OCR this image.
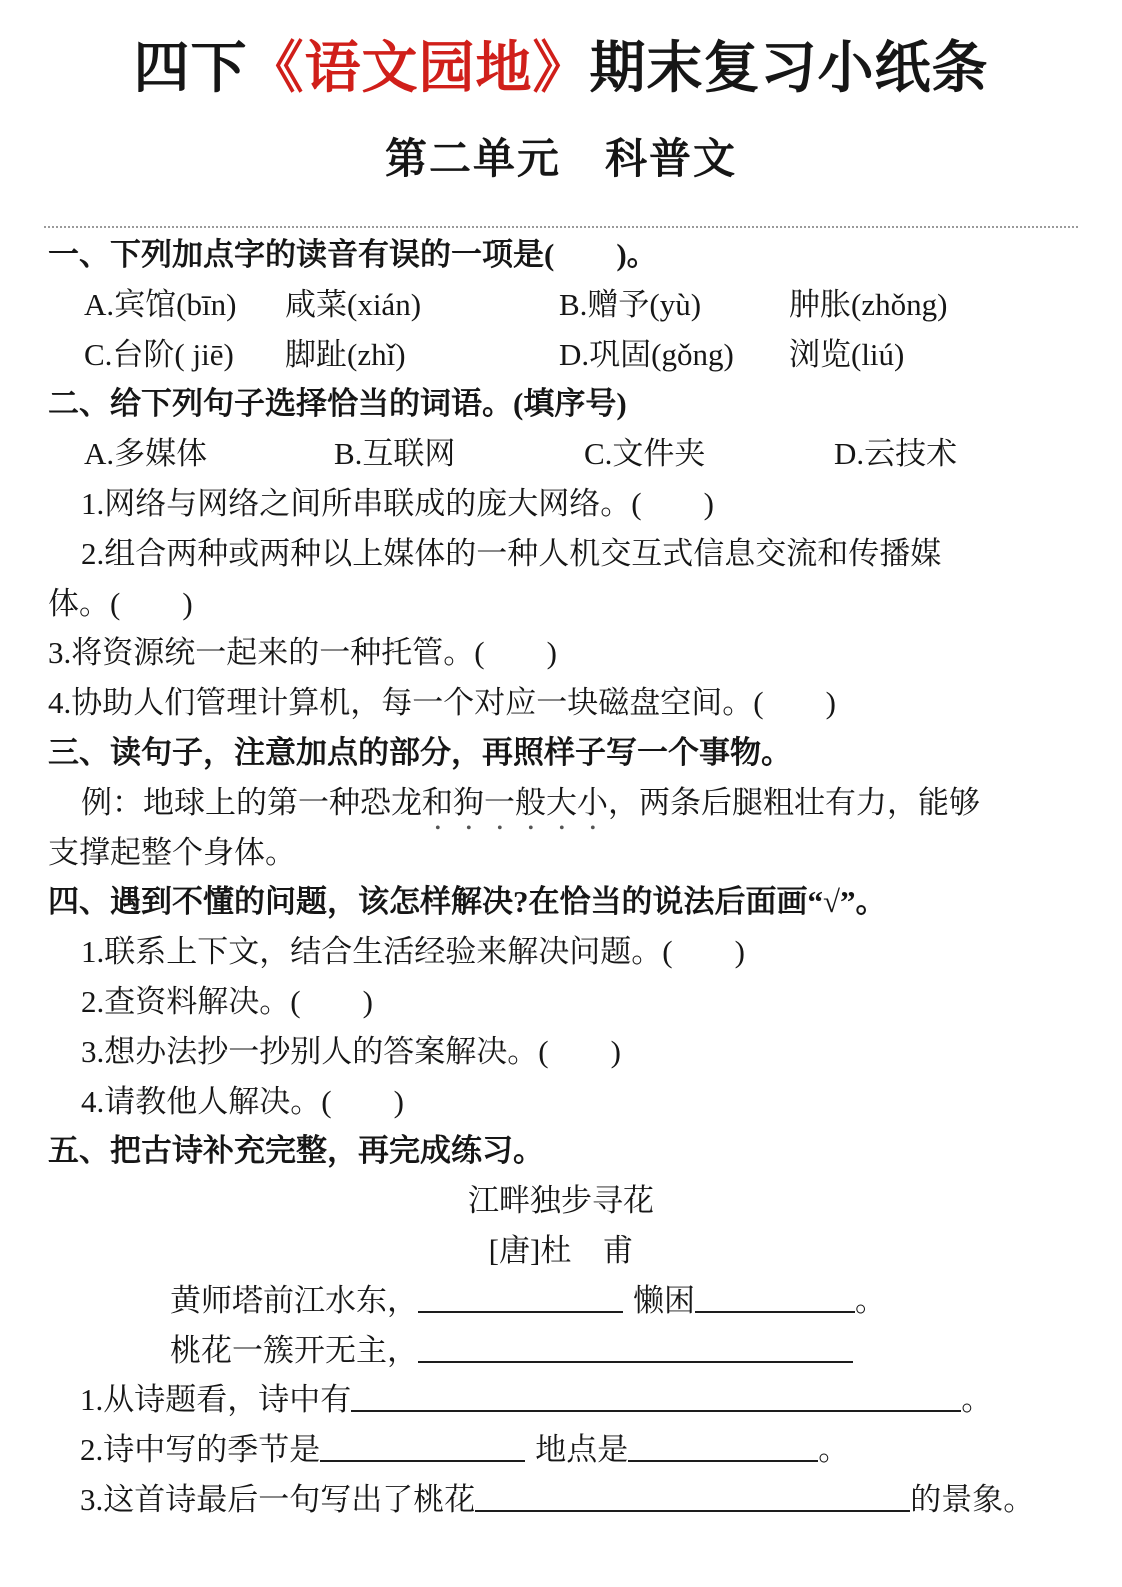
四下《语文园地》期末复习小纸条
第二单元　科普文
一、下列加点字的读音有误的一项是(　　)。
A.宾馆(bīn)	咸菜(xián)	B.赠予(yù)	肿胀(zhǒng)
C.台阶( jiē)	脚趾(zhǐ)	D.巩固(gǒng)	浏览(liú)
二、给下列句子选择恰当的词语。(填序号)
A.多媒体	B.互联网	C.文件夹	D.云技术
1.网络与网络之间所串联成的庞大网络。(　　)
2.组合两种或两种以上媒体的一种人机交互式信息交流和传播媒
体。(　　)
3.将资源统一起来的一种托管。(　　)
4.协助人们管理计算机，每一个对应一块磁盘空间。(　　)
三、读句子，注意加点的部分，再照样子写一个事物。
例：地球上的第一种恐龙和狗一般大小，两条后腿粗壮有力，能够
支撑起整个身体。
四、遇到不懂的问题，该怎样解决?在恰当的说法后面画“√”。
1.联系上下文，结合生活经验来解决问题。(　　)
2.查资料解决。(　　)
3.想办法抄一抄别人的答案解决。(　　)
4.请教他人解决。(　　)
五、把古诗补充完整，再完成练习。
江畔独步寻花
[唐]杜　甫
黄师塔前江水东，	懒困	。
桃花一簇开无主，
1.从诗题看，诗中有	。
2.诗中写的季节是	地点是	。
3.这首诗最后一句写出了桃花	的景象。
